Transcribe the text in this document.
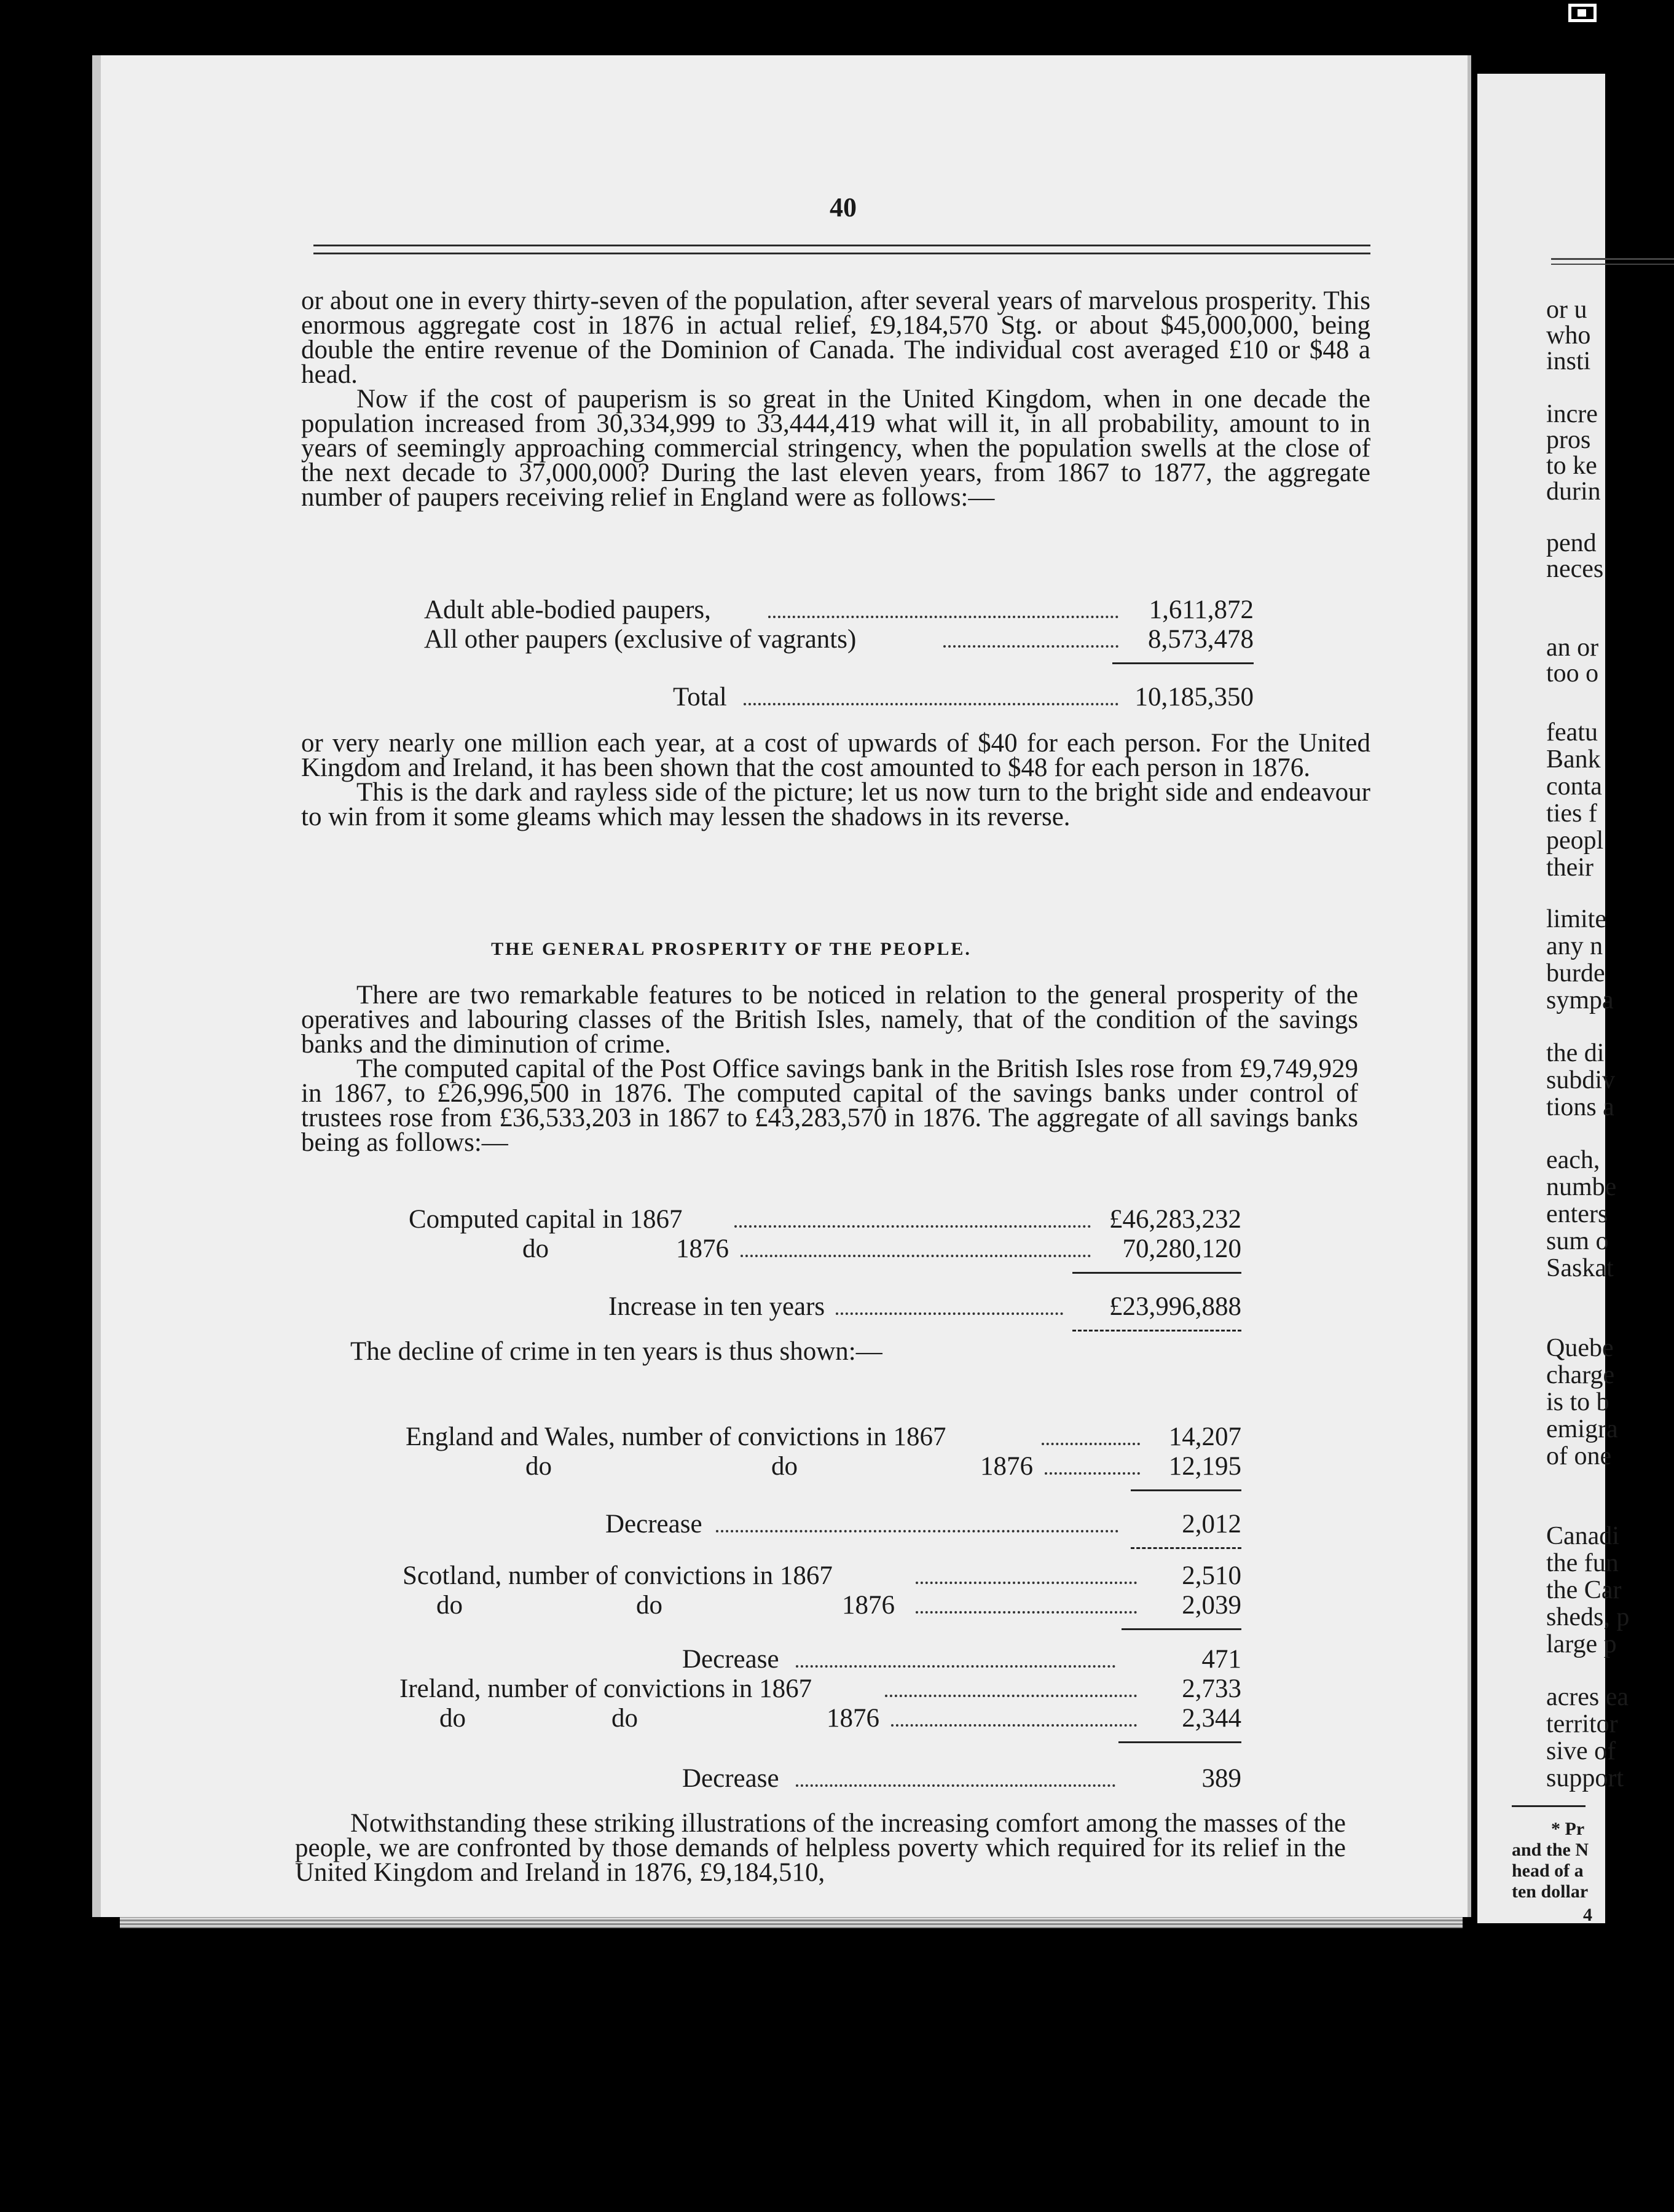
40

or about one in every thirty-seven of the population, after several years of marvelous prosperity. This enormous aggregate cost in 1876 in actual relief, £9,184,570 Stg. or about $45,000,000, being double the entire revenue of the Dominion of Canada. The individual cost averaged £10 or $48 a head.

Now if the cost of pauperism is so great in the United Kingdom, when in one decade the population increased from 30,334,999 to 33,444,419 what will it, in all probability, amount to in years of seemingly approaching commercial stringency, when the population swells at the close of the next decade to 37,000,000? During the last eleven years, from 1867 to 1877, the aggregate number of paupers receiving relief in England were as follows:—

Adult able-bodied paupers,	1,611,872
All other paupers (exclusive of vagrants)	8,573,478
Total	10,185,350

or very nearly one million each year, at a cost of upwards of $40 for each person. For the United Kingdom and Ireland, it has been shown that the cost amounted to $48 for each person in 1876.

This is the dark and rayless side of the picture; let us now turn to the bright side and endeavour to win from it some gleams which may lessen the shadows in its reverse.

THE GENERAL PROSPERITY OF THE PEOPLE.

There are two remarkable features to be noticed in relation to the general prosperity of the operatives and labouring classes of the British Isles, namely, that of the condition of the savings banks and the diminution of crime.

The computed capital of the Post Office savings bank in the British Isles rose from £9,749,929 in 1867, to £26,996,500 in 1876. The computed capital of the savings banks under control of trustees rose from £36,533,203 in 1867 to £43,283,570 in 1876. The aggregate of all savings banks being as follows:—

Computed capital in 1867	£46,283,232
do	1876	70,280,120
Increase in ten years	£23,996,888

The decline of crime in ten years is thus shown:—

England and Wales, number of convictions in 1867	14,207
do	do	1876	12,195
Decrease	2,012
Scotland, number of convictions in 1867	2,510
do	do	1876	2,039
Decrease	471
Ireland, number of convictions in 1867	2,733
do	do	1876	2,344
Decrease	389

Notwithstanding these striking illustrations of the increasing comfort among the masses of the people, we are confronted by those demands of helpless poverty which required for its relief in the United Kingdom and Ireland in 1876, £9,184,510,

or u
who
insti
incre
pros
to ke
durin
pend
neces
an or
too o
featu
Bank
conta
ties f
peopl
their
limite
any n
burde
sympa
the di
subdiv
tions a
each,
numbe
enters
sum o
Saskat
Quebe
charge
is to b
emigra
of one
Canadi
the fun
the Car
sheds, p
large p
acres ea
territor
sive of
support
* Pr
and the N
head of a
ten dollar
4
